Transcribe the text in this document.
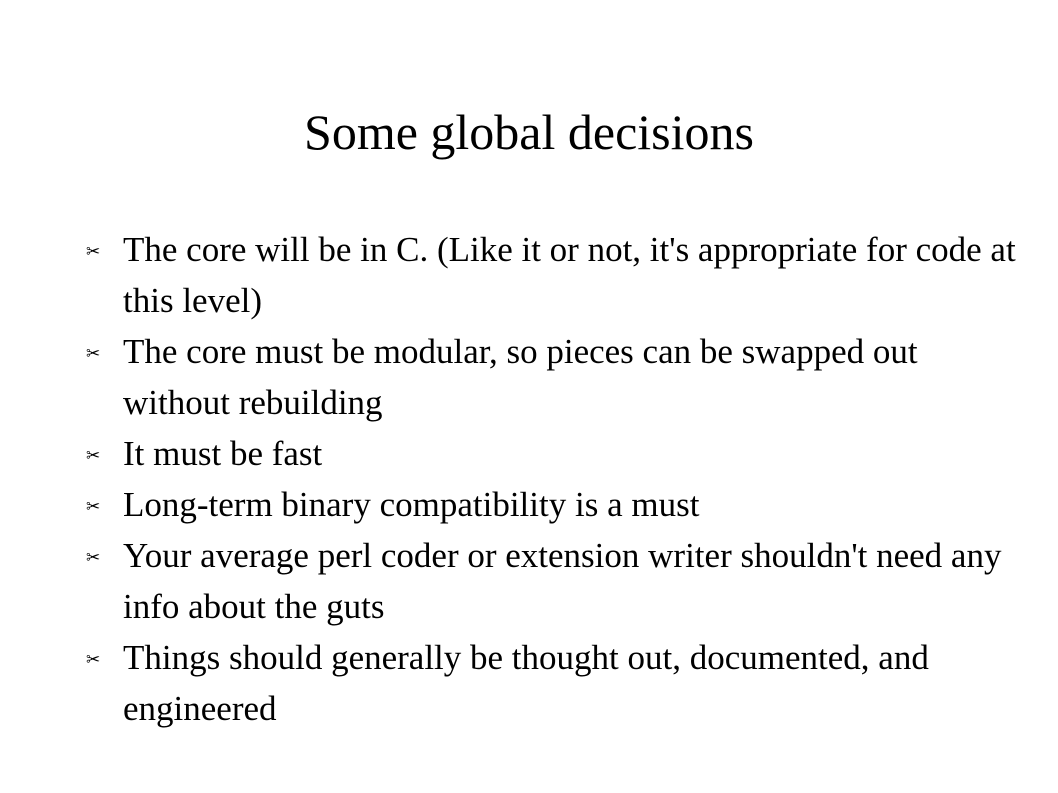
Some global decisions
✂ The core will be in C. (Like it or not, it's appropriate for code at this level)
✂ The core must be modular, so pieces can be swapped out without rebuilding
✂ It must be fast
✂ Long-term binary compatibility is a must
✂ Your average perl coder or extension writer shouldn't need any info about the guts
✂ Things should generally be thought out, documented, and engineered
